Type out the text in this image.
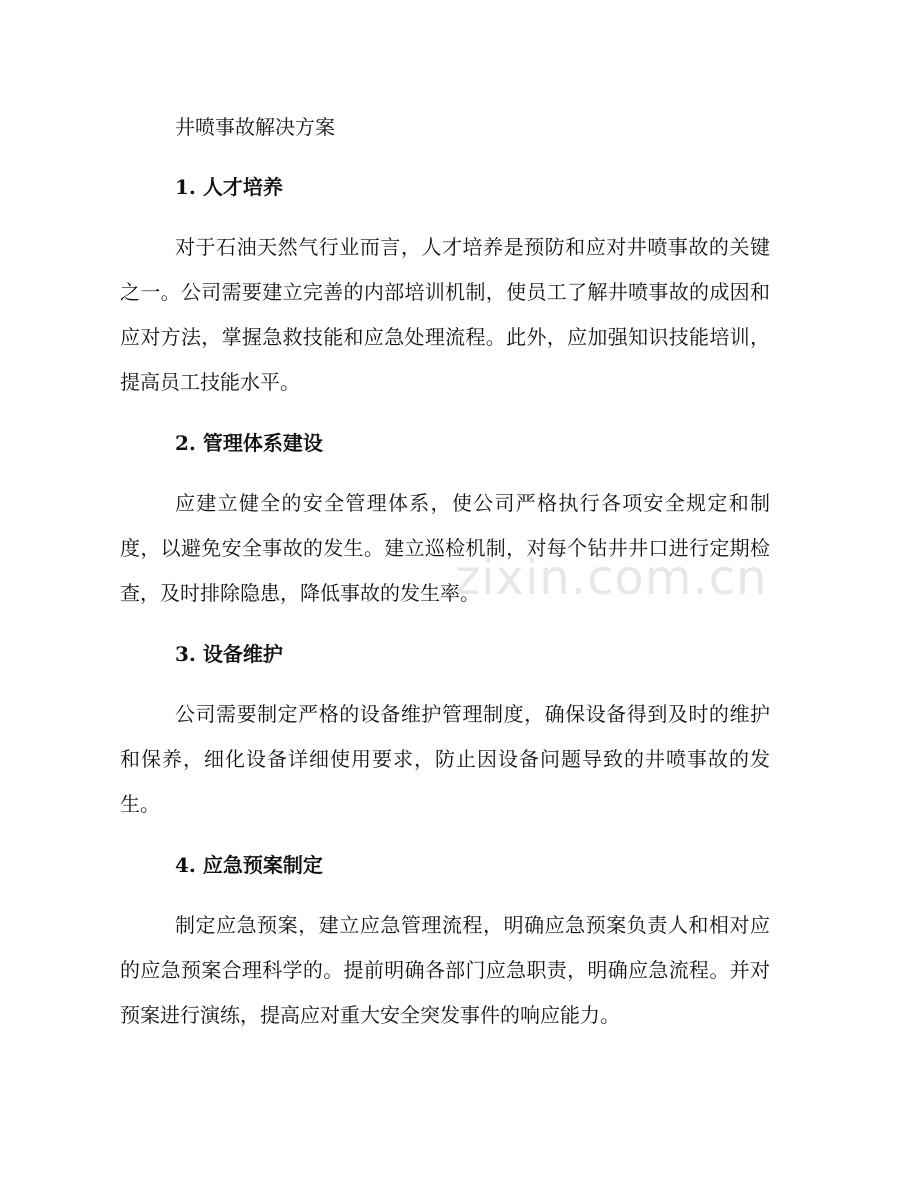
井喷事故解决方案
1. 人才培养
对于石油天然气行业而言，人才培养是预防和应对井喷事故的关键之一。公司需要建立完善的内部培训机制，使员工了解井喷事故的成因和应对方法，掌握急救技能和应急处理流程。此外，应加强知识技能培训，提高员工技能水平。
2. 管理体系建设
应建立健全的安全管理体系，使公司严格执行各项安全规定和制度，以避免安全事故的发生。建立巡检机制，对每个钻井井口进行定期检查，及时排除隐患，降低事故的发生率。
3. 设备维护
公司需要制定严格的设备维护管理制度，确保设备得到及时的维护和保养，细化设备详细使用要求，防止因设备问题导致的井喷事故的发生。
4. 应急预案制定
制定应急预案，建立应急管理流程，明确应急预案负责人和相对应的应急预案合理科学的。提前明确各部门应急职责，明确应急流程。并对预案进行演练，提高应对重大安全突发事件的响应能力。
zixin.com.cn
